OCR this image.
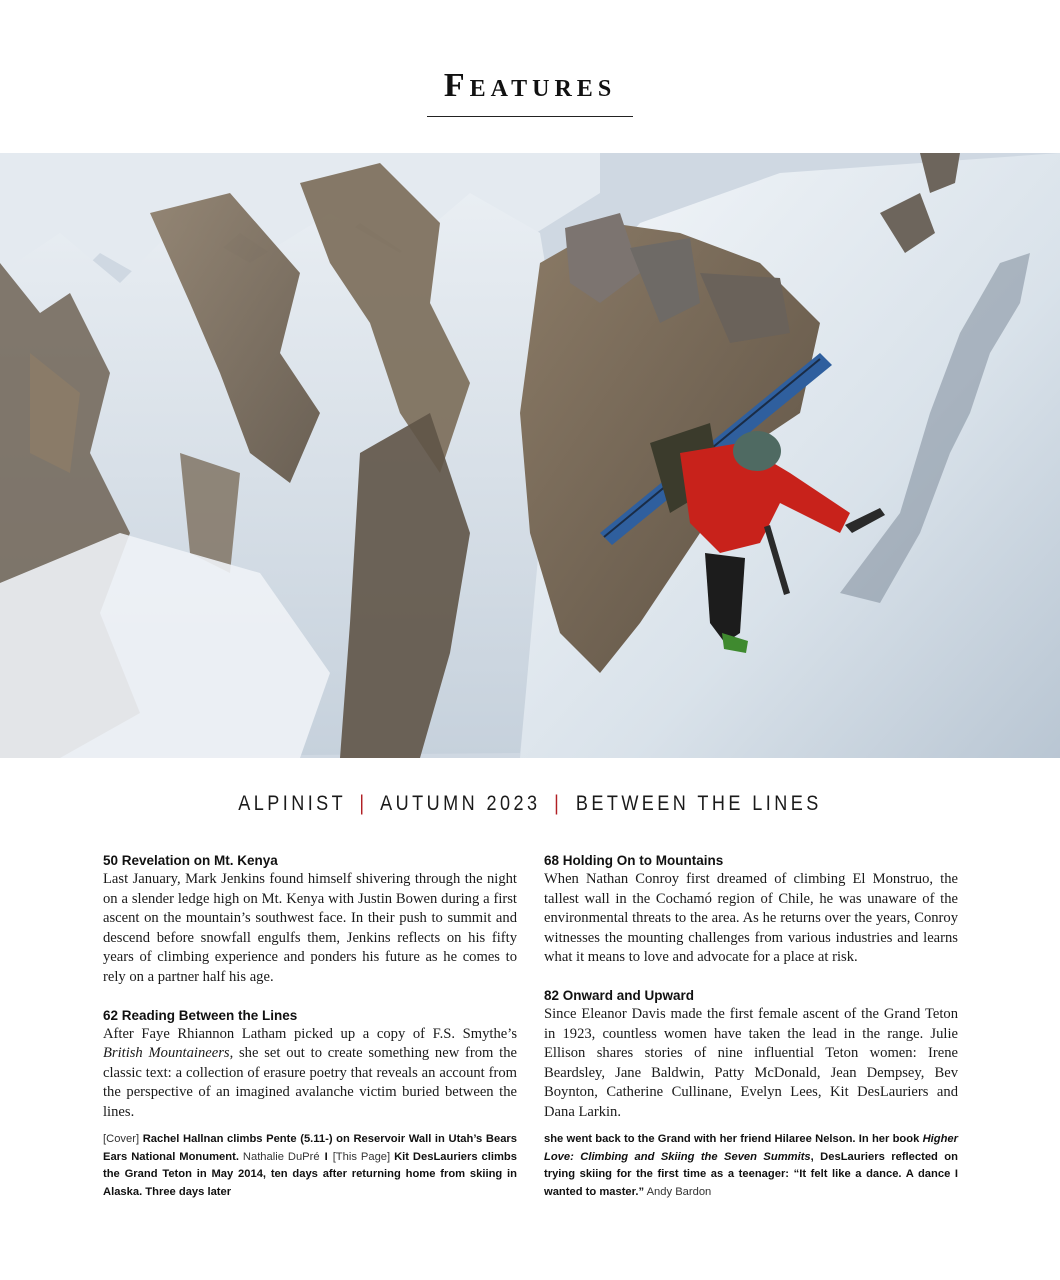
Features
ALPINIST | AUTUMN 2023 | BETWEEN THE LINES
50 Revelation on Mt. Kenya

Last January, Mark Jenkins found himself shivering through the night on a slender ledge high on Mt. Kenya with Justin Bowen during a first ascent on the mountain’s southwest face. In their push to summit and descend before snowfall engulfs them, Jenkins reflects on his fifty years of climbing experience and ponders his future as he comes to rely on a partner half his age.

62 Reading Between the Lines

After Faye Rhiannon Latham picked up a copy of F.S. Smythe’s British Mountaineers, she set out to create something new from the classic text: a collection of erasure poetry that reveals an account from the perspective of an imagined avalanche victim buried between the lines.

68 Holding On to Mountains

When Nathan Conroy first dreamed of climbing El Monstruo, the tallest wall in the Cochamó region of Chile, he was unaware of the environmental threats to the area. As he returns over the years, Conroy witnesses the mounting challenges from various industries and learns what it means to love and advocate for a place at risk.

82 Onward and Upward

Since Eleanor Davis made the first female ascent of the Grand Teton in 1923, countless women have taken the lead in the range. Julie Ellison shares stories of nine influential Teton women: Irene Beardsley, Jane Baldwin, Patty McDonald, Jean Dempsey, Bev Boynton, Catherine Cullinane, Evelyn Lees, Kit DesLauriers and Dana Larkin.

[Cover] Rachel Hallnan climbs Pente (5.11-) on Reservoir Wall in Utah’s Bears Ears National Monument. Nathalie DuPré I [This Page] Kit DesLauriers climbs the Grand Teton in May 2014, ten days after returning home from skiing in Alaska. Three days later
she went back to the Grand with her friend Hilaree Nelson. In her book Higher Love: Climbing and Skiing the Seven Summits, DesLauriers reflected on trying skiing for the first time as a teenager: “It felt like a dance. A dance I wanted to master.” Andy Bardon
